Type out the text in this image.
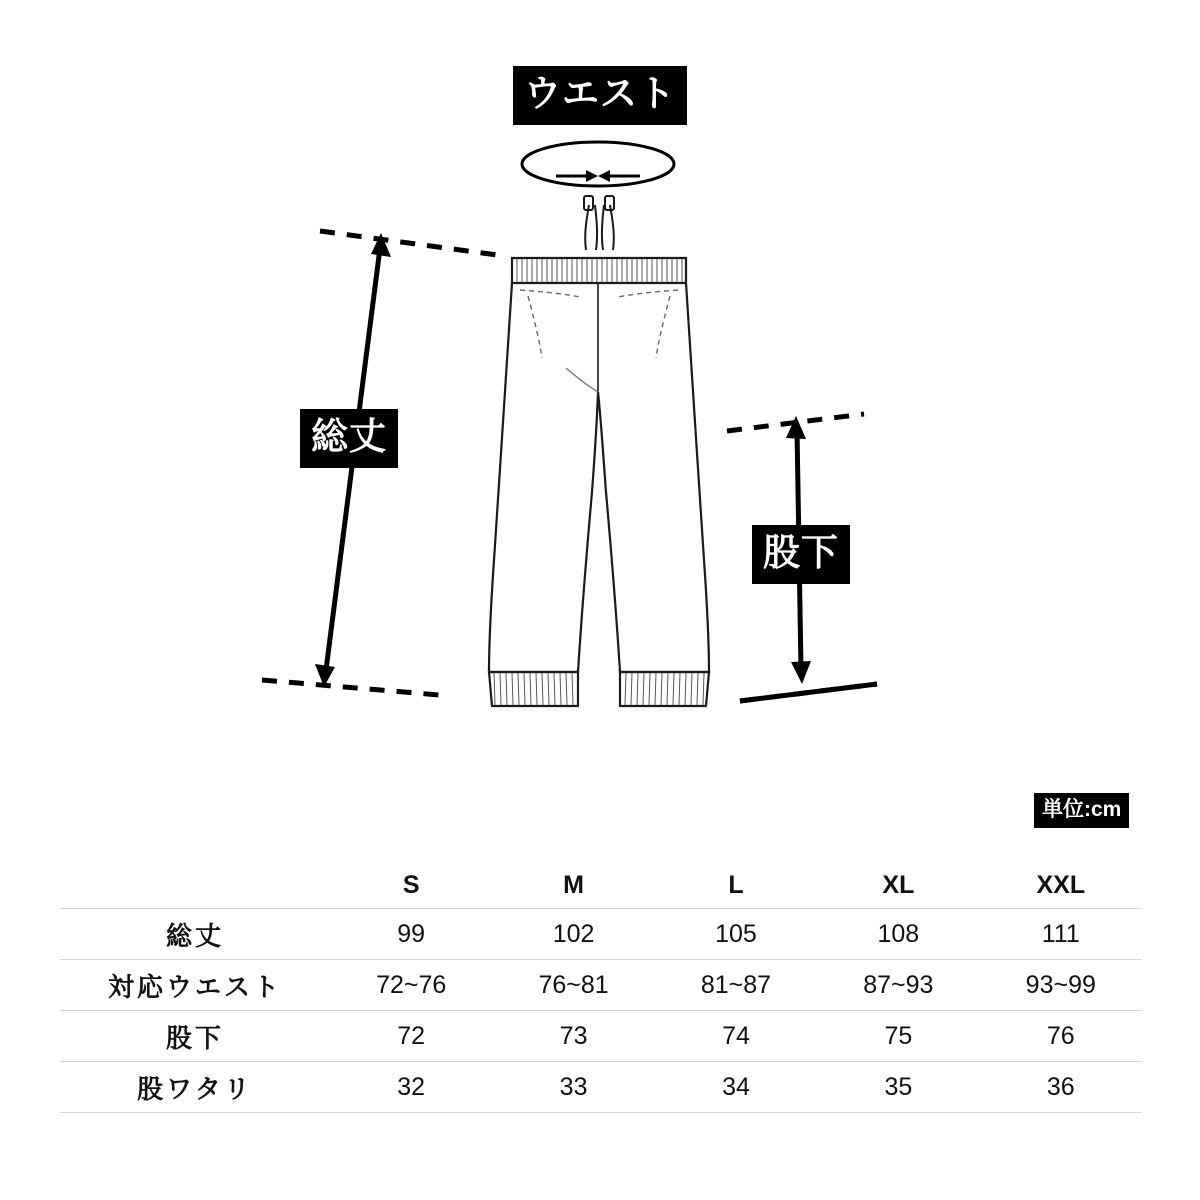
ウエスト
総丈
股下
単位:cm
	S	M	L	XL	XXL
総丈	99	102	105	108	111
対応ウエスト	72~76	76~81	81~87	87~93	93~99
股下	72	73	74	75	76
股ワタリ	32	33	34	35	36
